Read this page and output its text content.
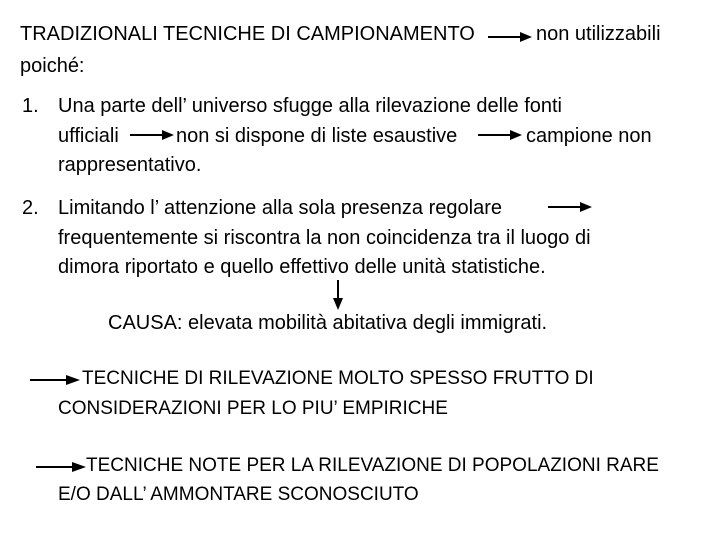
TRADIZIONALI TECNICHE DI CAMPIONAMENTO	non utilizzabili
poiché:
1. Una parte dell’ universo sfugge alla rilevazione delle fonti
ufficiali	non si dispone di liste esaustive	campione non
rappresentativo.
2. Limitando l’ attenzione alla sola presenza regolare
frequentemente si riscontra la non coincidenza tra il luogo di
dimora riportato e quello effettivo delle unità statistiche.
CAUSA: elevata mobilità abitativa degli immigrati.
TECNICHE DI RILEVAZIONE MOLTO SPESSO FRUTTO DI
CONSIDERAZIONI PER LO PIU’ EMPIRICHE
TECNICHE NOTE PER LA RILEVAZIONE DI POPOLAZIONI RARE
E/O DALL’ AMMONTARE SCONOSCIUTO
